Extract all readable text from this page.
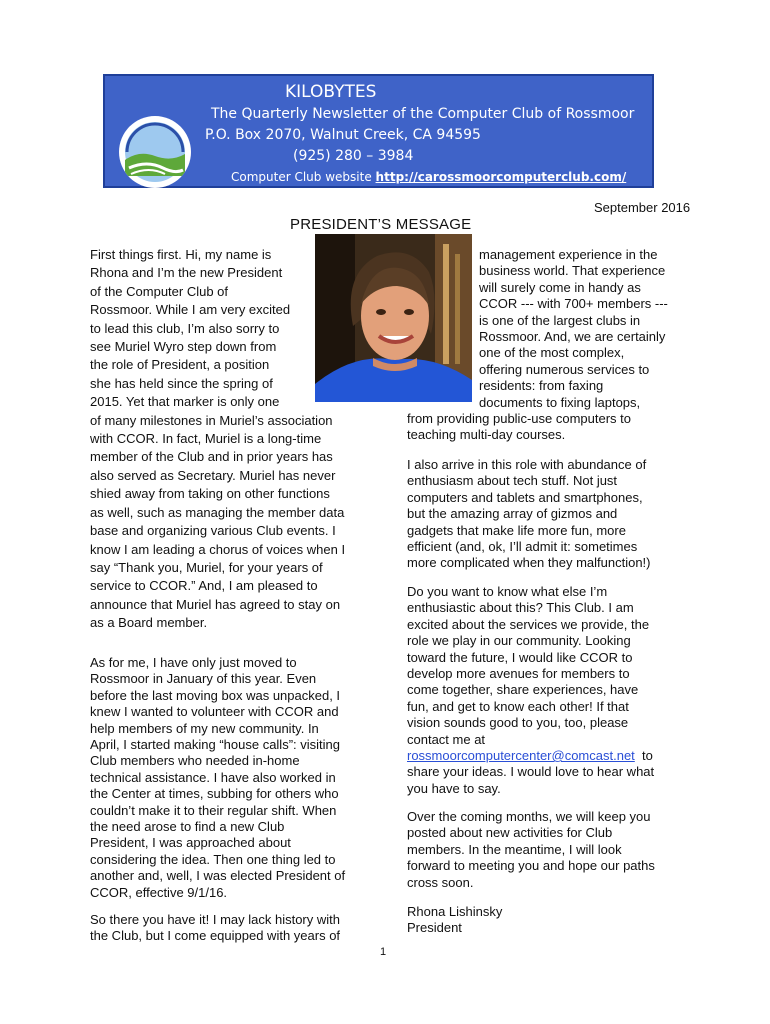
KILOBYTES
The Quarterly Newsletter of the Computer Club of Rossmoor
P.O. Box 2070, Walnut Creek, CA 94595
(925) 280 – 3984
Computer Club website http://carossmoorcomputerclub.com/
September 2016
PRESIDENT’S MESSAGE
First things first. Hi, my name is
Rhona and I’m the new President
of the Computer Club of
Rossmoor. While I am very excited
to lead this club, I’m also sorry to
see Muriel Wyro step down from
the role of President, a position
she has held since the spring of
2015. Yet that marker is only one
of many milestones in Muriel’s association
with CCOR. In fact, Muriel is a long-time
member of the Club and in prior years has
also served as Secretary. Muriel has never
shied away from taking on other functions
as well, such as managing the member data
base and organizing various Club events. I
know I am leading a chorus of voices when I
say “Thank you, Muriel, for your years of
service to CCOR.” And, I am pleased to
announce that Muriel has agreed to stay on
as a Board member.
As for me, I have only just moved to
Rossmoor in January of this year. Even
before the last moving box was unpacked, I
knew I wanted to volunteer with CCOR and
help members of my new community. In
April, I started making “house calls”: visiting
Club members who needed in-home
technical assistance. I have also worked in
the Center at times, subbing for others who
couldn’t make it to their regular shift. When
the need arose to find a new Club
President, I was approached about
considering the idea. Then one thing led to
another and, well, I was elected President of
CCOR, effective 9/1/16.
So there you have it! I may lack history with
the Club, but I come equipped with years of
management experience in the
business world. That experience
will surely come in handy as
CCOR --- with 700+ members ---
is one of the largest clubs in
Rossmoor. And, we are certainly
one of the most complex,
offering numerous services to
residents: from faxing
documents to fixing laptops,
from providing public-use computers to
teaching multi-day courses.
I also arrive in this role with abundance of
enthusiasm about tech stuff. Not just
computers and tablets and smartphones,
but the amazing array of gizmos and
gadgets that make life more fun, more
efficient (and, ok, I’ll admit it: sometimes
more complicated when they malfunction!)
Do you want to know what else I’m
enthusiastic about this? This Club. I am
excited about the services we provide, the
role we play in our community. Looking
toward the future, I would like CCOR to
develop more avenues for members to
come together, share experiences, have
fun, and get to know each other! If that
vision sounds good to you, too, please
contact me at
rossmoorcomputercenter@comcast.net  to
share your ideas. I would love to hear what
you have to say.
Over the coming months, we will keep you
posted about new activities for Club
members. In the meantime, I will look
forward to meeting you and hope our paths
cross soon.
Rhona Lishinsky
President
1
